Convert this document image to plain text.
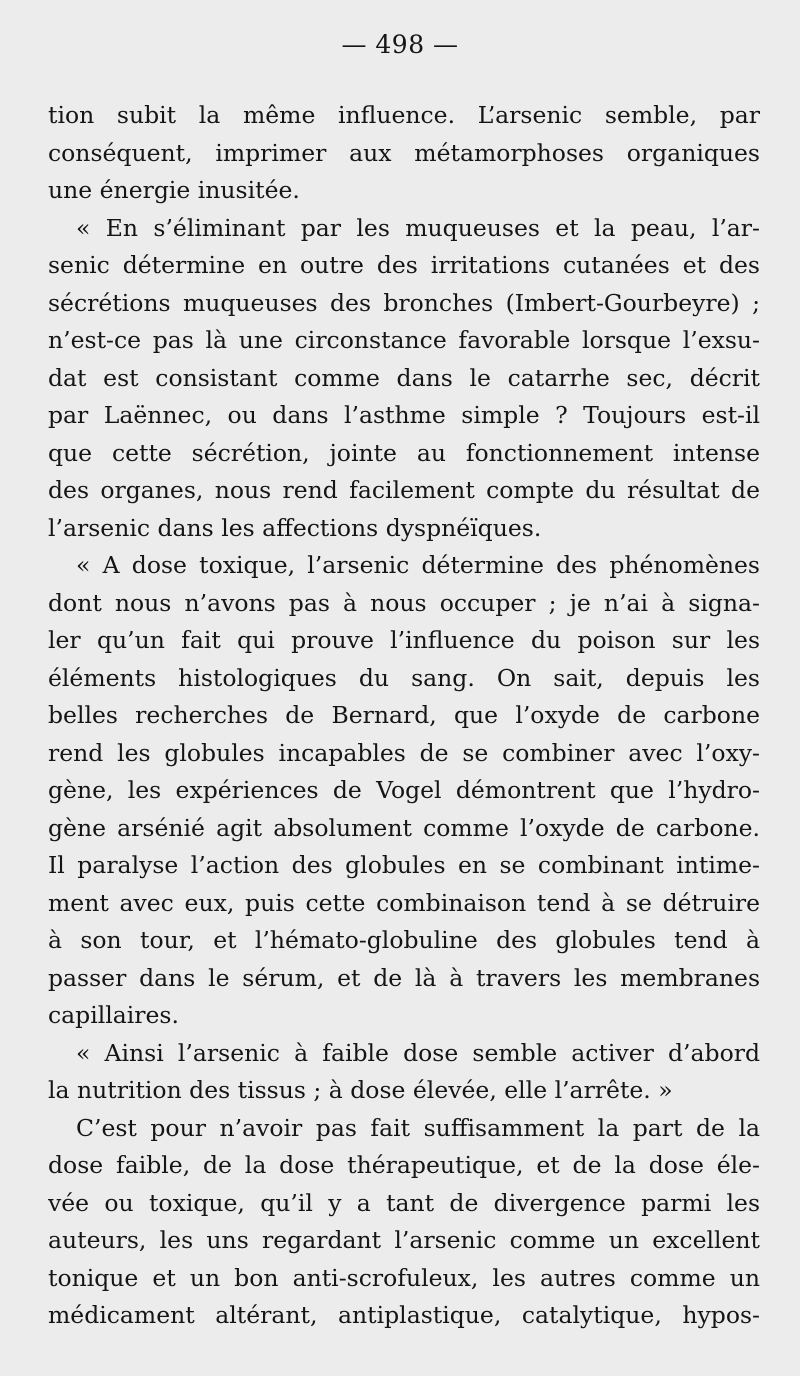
— 498 —
tion subit la même influence. L’arsenic semble, par
conséquent, imprimer aux métamorphoses organiques
une énergie inusitée.
« En s’éliminant par les muqueuses et la peau, l’ar-
senic détermine en outre des irritations cutanées et des
sécrétions muqueuses des bronches (Imbert-Gourbeyre) ;
n’est-ce pas là une circonstance favorable lorsque l’exsu-
dat est consistant comme dans le catarrhe sec, décrit
par Laënnec, ou dans l’asthme simple ? Toujours est-il
que cette sécrétion, jointe au fonctionnement intense
des organes, nous rend facilement compte du résultat de
l’arsenic dans les affections dyspnéïques.
« A dose toxique, l’arsenic détermine des phénomènes
dont nous n’avons pas à nous occuper ; je n’ai à signa-
ler qu’un fait qui prouve l’influence du poison sur les
éléments histologiques du sang. On sait, depuis les
belles recherches de Bernard, que l’oxyde de carbone
rend les globules incapables de se combiner avec l’oxy-
gène, les expériences de Vogel démontrent que l’hydro-
gène arsénié agit absolument comme l’oxyde de carbone.
Il paralyse l’action des globules en se combinant intime-
ment avec eux, puis cette combinaison tend à se détruire
à son tour, et l’hémato-globuline des globules tend à
passer dans le sérum, et de là à travers les membranes
capillaires.
« Ainsi l’arsenic à faible dose semble activer d’abord
la nutrition des tissus ; à dose élevée, elle l’arrête. »
C’est pour n’avoir pas fait suffisamment la part de la
dose faible, de la dose thérapeutique, et de la dose éle-
vée ou toxique, qu’il y a tant de divergence parmi les
auteurs, les uns regardant l’arsenic comme un excellent
tonique et un bon anti-scrofuleux, les autres comme un
médicament altérant, antiplastique, catalytique, hypos-
